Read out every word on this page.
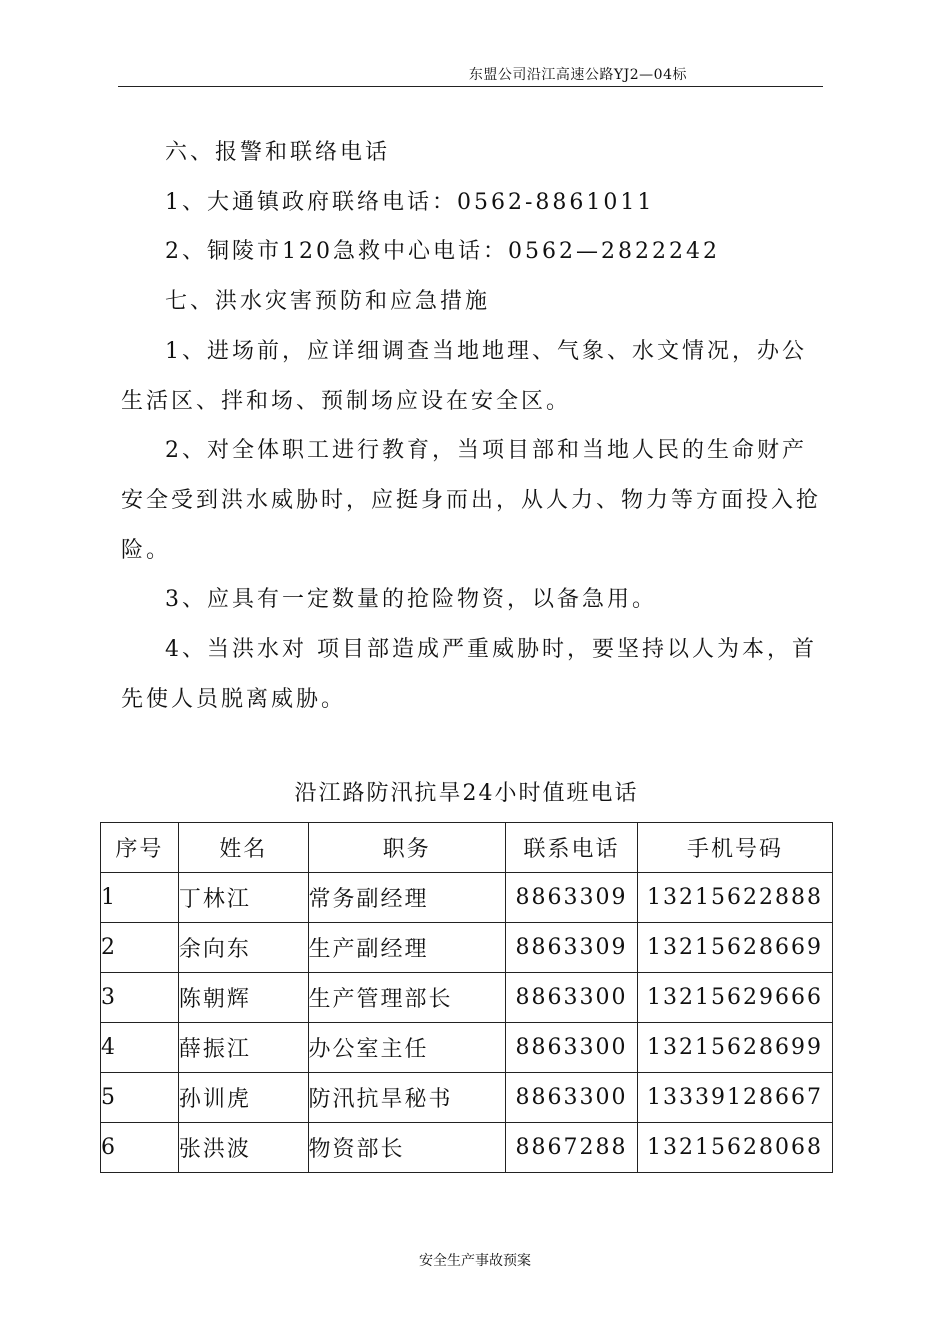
东盟公司沿江高速公路YJ2—04标

六、报警和联络电话

1、大通镇政府联络电话：0562-8861011

2、铜陵市120急救中心电话：0562—2822242

七、洪水灾害预防和应急措施

1、进场前，应详细调查当地地理、气象、水文情况，办公生活区、拌和场、预制场应设在安全区。

2、对全体职工进行教育，当项目部和当地人民的生命财产安全受到洪水威胁时，应挺身而出，从人力、物力等方面投入抢险。

3、应具有一定数量的抢险物资，以备急用。

4、当洪水对 项目部造成严重威胁时，要坚持以人为本，首先使人员脱离威胁。

沿江路防汛抗旱24小时值班电话
序号	姓名	职务	联系电话	手机号码
1	丁林江	常务副经理	8863309	13215622888
2	余向东	生产副经理	8863309	13215628669
3	陈朝辉	生产管理部长	8863300	13215629666
4	薛振江	办公室主任	8863300	13215628699
5	孙训虎	防汛抗旱秘书	8863300	13339128667
6	张洪波	物资部长	8867288	13215628068
安全生产事故预案
